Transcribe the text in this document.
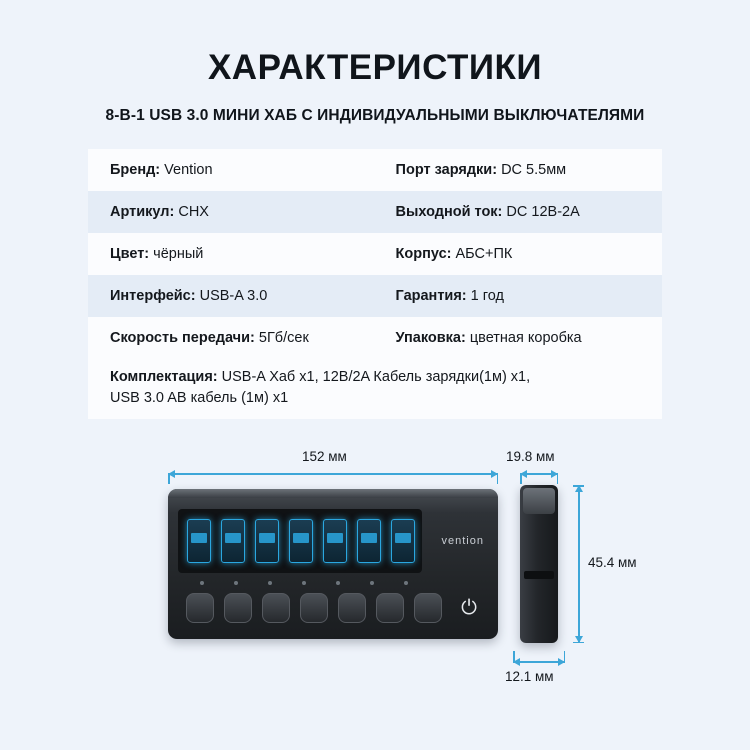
ХАРАКТЕРИСТИКИ
8-В-1 USB 3.0 МИНИ ХАБ С ИНДИВИДУАЛЬНЫМИ ВЫКЛЮЧАТЕЛЯМИ
Бренд: Vention	Порт зарядки: DC 5.5мм
Артикул: CHX	Выходной ток: DC 12В-2A
Цвет: чёрный	Корпус: АБС+ПК
Интерфейс: USB-A 3.0	Гарантия: 1 год
Скорость передачи: 5Гб/сек	Упаковка: цветная коробка
Комплектация: USB-A Хаб x1, 12В/2A Кабель зарядки(1м) x1,
USB 3.0 AB кабель (1м) x1
152 мм	19.8 мм
45.4 мм
12.1 мм
vention
⏻
